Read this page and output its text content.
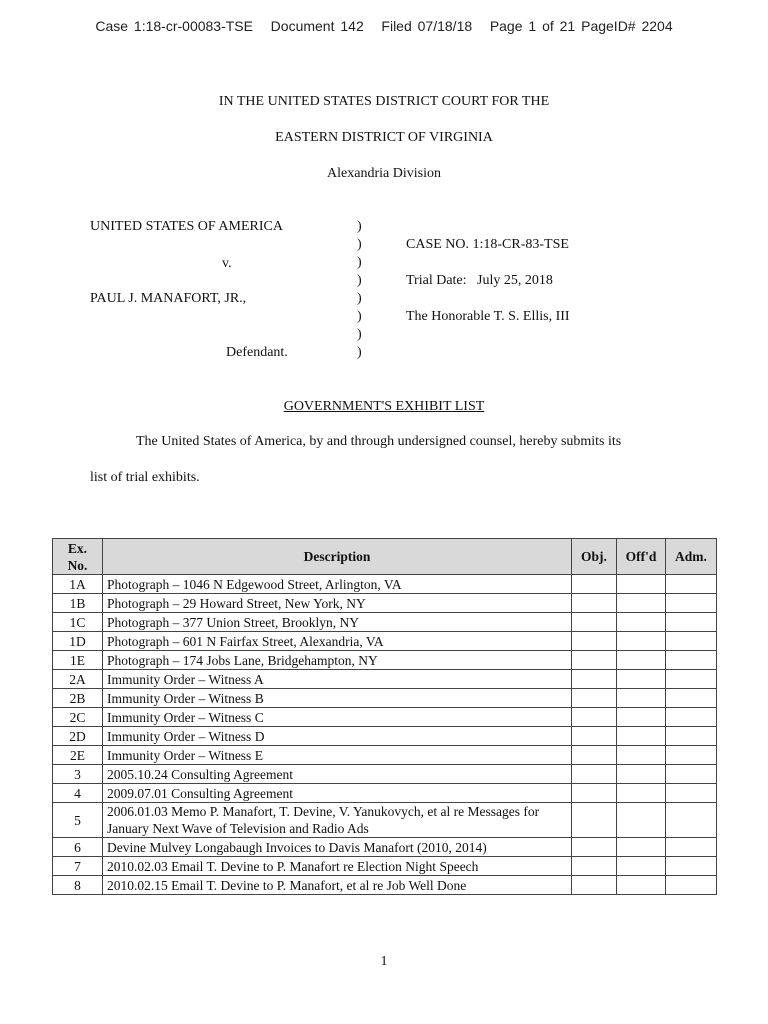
Case 1:18-cr-00083-TSE Document 142 Filed 07/18/18 Page 1 of 21 PageID# 2204
IN THE UNITED STATES DISTRICT COURT FOR THE
EASTERN DISTRICT OF VIRGINIA
Alexandria Division
UNITED STATES OF AMERICA
v.
PAUL J. MANAFORT, JR.,
Defendant.
)
)
)
)
)
)
)
)
CASE NO. 1:18-CR-83-TSE
Trial Date:   July 25, 2018
The Honorable T. S. Ellis, III
GOVERNMENT'S EXHIBIT LIST
The United States of America, by and through undersigned counsel, hereby submits its
list of trial exhibits.
Ex.
No.	Description	Obj.	Off'd	Adm.
1A	Photograph – 1046 N Edgewood Street, Arlington, VA			
1B	Photograph – 29 Howard Street, New York, NY			
1C	Photograph – 377 Union Street, Brooklyn, NY			
1D	Photograph – 601 N Fairfax Street, Alexandria, VA			
1E	Photograph – 174 Jobs Lane, Bridgehampton, NY			
2A	Immunity Order – Witness A			
2B	Immunity Order – Witness B			
2C	Immunity Order – Witness C			
2D	Immunity Order – Witness D			
2E	Immunity Order – Witness E			
3	2005.10.24 Consulting Agreement			
4	2009.07.01 Consulting Agreement			
5	2006.01.03 Memo P. Manafort, T. Devine, V. Yanukovych, et al re Messages for January Next Wave of Television and Radio Ads			
6	Devine Mulvey Longabaugh Invoices to Davis Manafort (2010, 2014)			
7	2010.02.03 Email T. Devine to P. Manafort re Election Night Speech			
8	2010.02.15 Email T. Devine to P. Manafort, et al re Job Well Done			
1
